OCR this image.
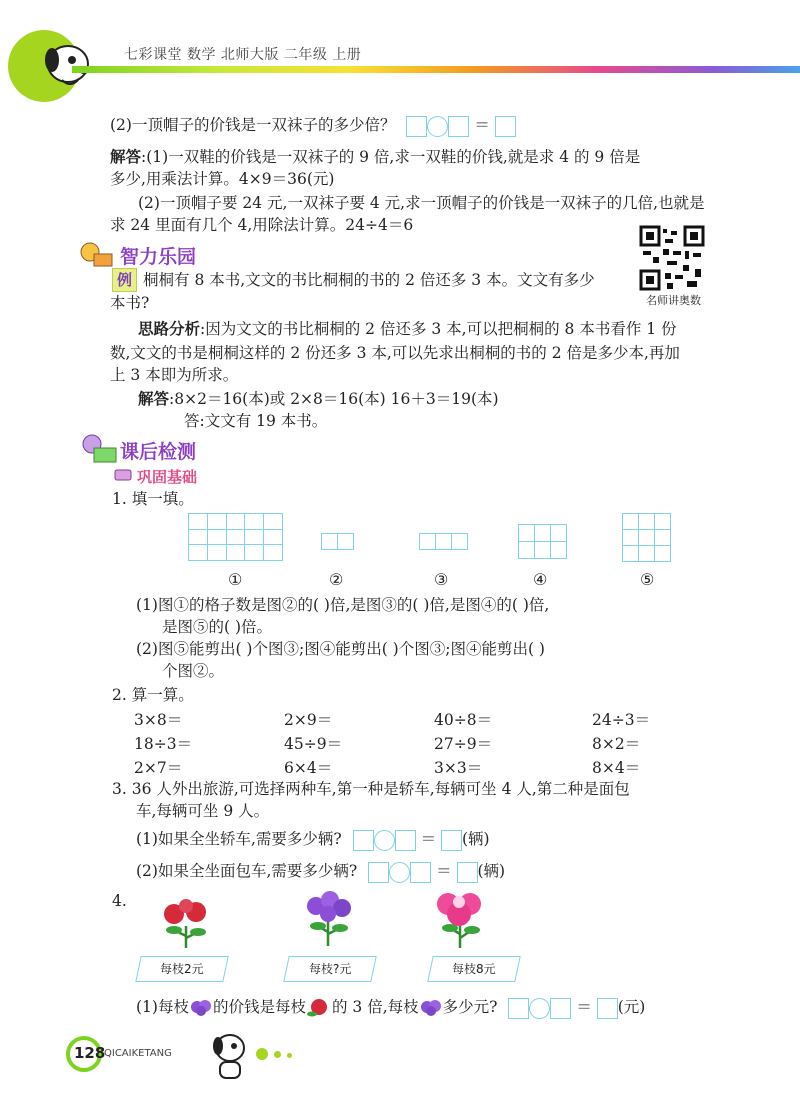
七彩课堂 数学 北师大版 二年级 上册
(2)一顶帽子的价钱是一双袜子的多少倍？	＝
解答:(1)一双鞋的价钱是一双袜子的 9 倍,求一双鞋的价钱,就是求 4 的 9 倍是
多少,用乘法计算。4×9＝36(元)
(2)一顶帽子要 24 元,一双袜子要 4 元,求一顶帽子的价钱是一双袜子的几倍,也就是
求 24 里面有几个 4,用除法计算。24÷4＝6
智力乐园
名师讲奥数
例 桐桐有 8 本书,文文的书比桐桐的书的 2 倍还多 3 本。文文有多少
本书?
思路分析:因为文文的书比桐桐的 2 倍还多 3 本,可以把桐桐的 8 本书看作 1 份
数,文文的书是桐桐这样的 2 份还多 3 本,可以先求出桐桐的书的 2 倍是多少本,再加
上 3 本即为所求。
解答:8×2＝16(本)或 2×8＝16(本) 16＋3＝19(本)
答:文文有 19 本书。
课后检测
巩固基础
1. 填一填。
①	②	③	④	⑤
(1)图①的格子数是图②的( )倍,是图③的( )倍,是图④的( )倍,
是图⑤的( )倍。
(2)图⑤能剪出( )个图③;图④能剪出( )个图③;图④能剪出( )
个图②。
2. 算一算。
3×8＝	2×9＝	40÷8＝	24÷3＝
18÷3＝	45÷9＝	27÷9＝	8×2＝
2×7＝	6×4＝	3×3＝	8×4＝
3. 36 人外出旅游,可选择两种车,第一种是轿车,每辆可坐 4 人,第二种是面包
车,每辆可坐 9 人。
(1)如果全坐轿车,需要多少辆?	＝ (辆)
(2)如果全坐面包车,需要多少辆?	＝ (辆)
4.
每枝2元	每枝?元	每枝8元
(1)每枝 的价钱是每枝 的 3 倍,每枝 多少元?	＝ (元)
128
QICAIKETANG
